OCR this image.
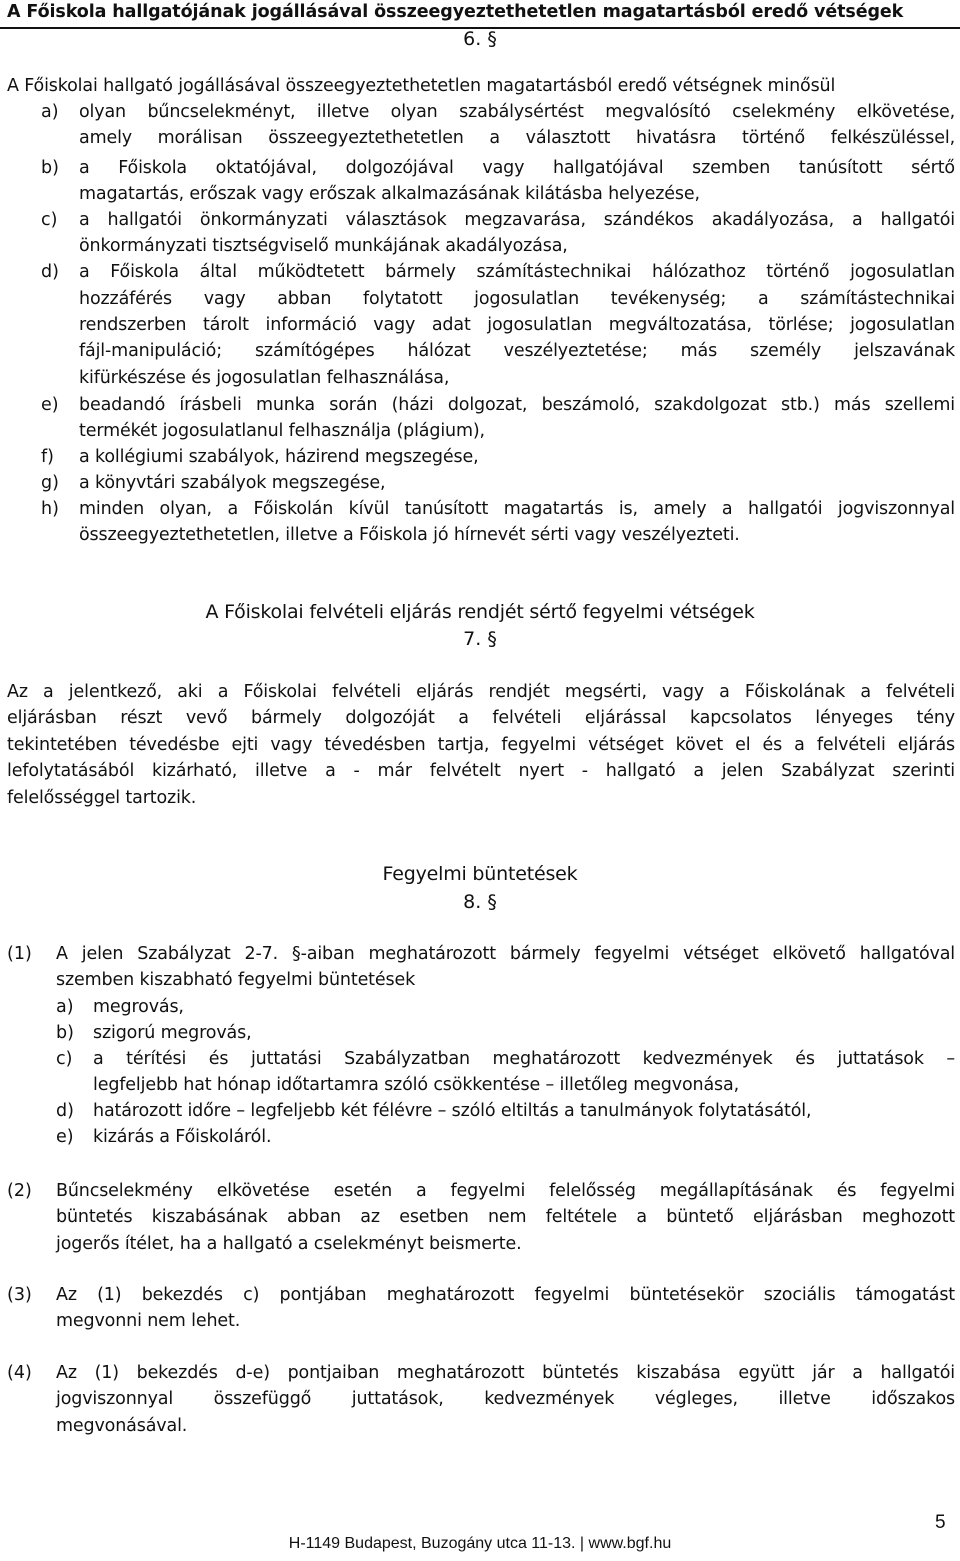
A Főiskola hallgatójának jogállásával összeegyeztethetetlen magatartásból eredő vétségek
6. §
A Főiskolai hallgató jogállásával összeegyeztethetetlen magatartásból eredő vétségnek minősül
a) olyan bűncselekményt, illetve olyan szabálysértést megvalósító cselekmény elkövetése,
amely morálisan összeegyeztethetetlen a választott hivatásra történő felkészüléssel,
b) a Főiskola oktatójával, dolgozójával vagy hallgatójával szemben tanúsított sértő
magatartás, erőszak vagy erőszak alkalmazásának kilátásba helyezése,
c) a hallgatói önkormányzati választások megzavarása, szándékos akadályozása, a hallgatói
önkormányzati tisztségviselő munkájának akadályozása,
d) a Főiskola által működtetett bármely számítástechnikai hálózathoz történő jogosulatlan
hozzáférés vagy abban folytatott jogosulatlan tevékenység; a számítástechnikai
rendszerben tárolt információ vagy adat jogosulatlan megváltozatása, törlése; jogosulatlan
fájl-manipuláció; számítógépes hálózat veszélyeztetése; más személy jelszavának
kifürkészése és jogosulatlan felhasználása,
e) beadandó írásbeli munka során (házi dolgozat, beszámoló, szakdolgozat stb.) más szellemi
termékét jogosulatlanul felhasználja (plágium),
f) a kollégiumi szabályok, házirend megszegése,
g) a könyvtári szabályok megszegése,
h) minden olyan, a Főiskolán kívül tanúsított magatartás is, amely a hallgatói jogviszonnyal
összeegyeztethetetlen, illetve a Főiskola jó hírnevét sérti vagy veszélyezteti.
A Főiskolai felvételi eljárás rendjét sértő fegyelmi vétségek
7. §
Az a jelentkező, aki a Főiskolai felvételi eljárás rendjét megsérti, vagy a Főiskolának a felvételi
eljárásban részt vevő bármely dolgozóját a felvételi eljárással kapcsolatos lényeges tény
tekintetében tévedésbe ejti vagy tévedésben tartja, fegyelmi vétséget követ el és a felvételi eljárás
lefolytatásából kizárható, illetve a - már felvételt nyert - hallgató a jelen Szabályzat szerinti
felelősséggel tartozik.
Fegyelmi büntetések
8. §
(1) A jelen Szabályzat 2-7. §-aiban meghatározott bármely fegyelmi vétséget elkövető hallgatóval
szemben kiszabható fegyelmi büntetések
a) megrovás,
b) szigorú megrovás,
c) a térítési és juttatási Szabályzatban meghatározott kedvezmények és juttatások –
legfeljebb hat hónap időtartamra szóló csökkentése – illetőleg megvonása,
d) határozott időre – legfeljebb két félévre – szóló eltiltás a tanulmányok folytatásától,
e) kizárás a Főiskoláról.
(2) Bűncselekmény elkövetése esetén a fegyelmi felelősség megállapításának és fegyelmi
büntetés kiszabásának abban az esetben nem feltétele a büntető eljárásban meghozott
jogerős ítélet, ha a hallgató a cselekményt beismerte.
(3) Az (1) bekezdés c) pontjában meghatározott fegyelmi büntetésekör szociális támogatást
megvonni nem lehet.
(4) Az (1) bekezdés d-e) pontjaiban meghatározott büntetés kiszabása együtt jár a hallgatói
jogviszonnyal összefüggő juttatások, kedvezmények végleges, illetve időszakos
megvonásával.
5
H-1149 Budapest, Buzogány utca 11-13. | www.bgf.hu
